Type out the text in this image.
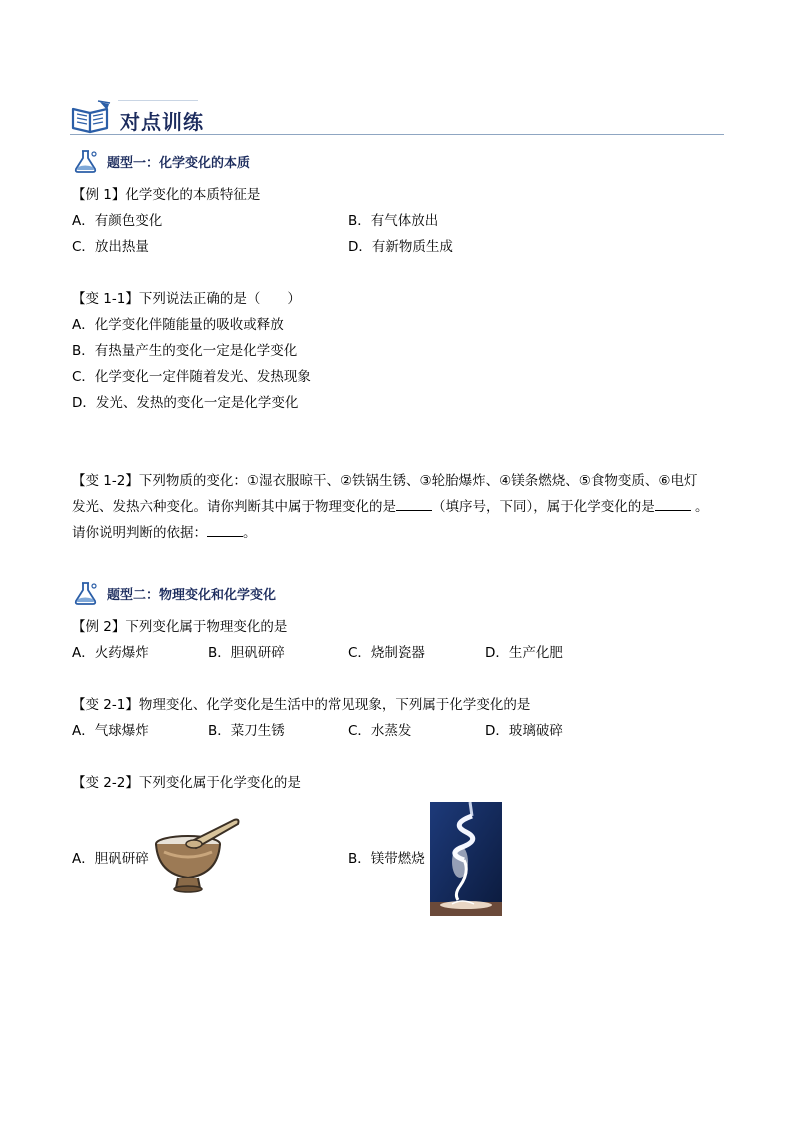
对点训练
题型一：化学变化的本质
【例 1】化学变化的本质特征是
A．有颜色变化	B．有气体放出
C．放出热量	D．有新物质生成
【变 1-1】下列说法正确的是（　　）
A．化学变化伴随能量的吸收或释放
B．有热量产生的变化一定是化学变化
C．化学变化一定伴随着发光、发热现象
D．发光、发热的变化一定是化学变化
【变 1-2】下列物质的变化：①湿衣服晾干、②铁锅生锈、③轮胎爆炸、④镁条燃烧、⑤食物变质、⑥电灯
发光、发热六种变化。请你判断其中属于物理变化的是	（填序号，下同），属于化学变化的是	。
请你说明判断的依据：	。
题型二：物理变化和化学变化
【例 2】下列变化属于物理变化的是
A．火药爆炸	B．胆矾研碎	C．烧制瓷器	D．生产化肥
【变 2-1】物理变化、化学变化是生活中的常见现象，下列属于化学变化的是
A．气球爆炸	B．菜刀生锈	C．水蒸发	D．玻璃破碎
【变 2-2】下列变化属于化学变化的是
A．胆矾研碎	B．镁带燃烧
